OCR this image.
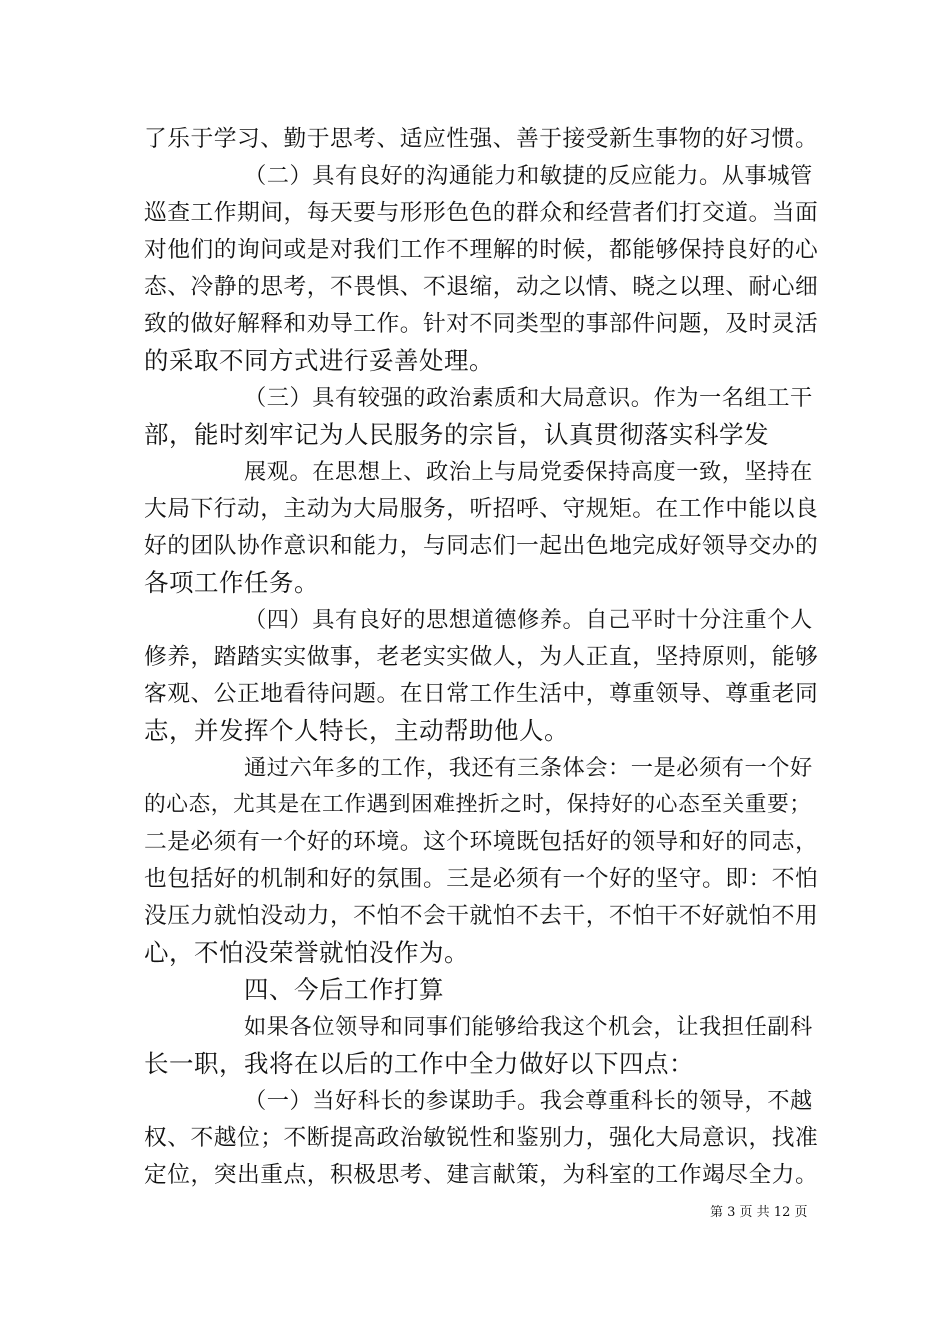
了乐于学习、勤于思考、适应性强、善于接受新生事物的好习惯。

（二）具有良好的沟通能力和敏捷的反应能力。从事城管

巡查工作期间，每天要与形形色色的群众和经营者们打交道。当面

对他们的询问或是对我们工作不理解的时候，都能够保持良好的心

态、冷静的思考，不畏惧、不退缩，动之以情、晓之以理、耐心细

致的做好解释和劝导工作。针对不同类型的事部件问题，及时灵活

的采取不同方式进行妥善处理。

（三）具有较强的政治素质和大局意识。作为一名组工干

部，能时刻牢记为人民服务的宗旨，认真贯彻落实科学发

展观。在思想上、政治上与局党委保持高度一致，坚持在

大局下行动，主动为大局服务，听招呼、守规矩。在工作中能以良

好的团队协作意识和能力，与同志们一起出色地完成好领导交办的

各项工作任务。

（四）具有良好的思想道德修养。自己平时十分注重个人

修养，踏踏实实做事，老老实实做人，为人正直，坚持原则，能够

客观、公正地看待问题。在日常工作生活中，尊重领导、尊重老同

志，并发挥个人特长，主动帮助他人。

通过六年多的工作，我还有三条体会：一是必须有一个好

的心态，尤其是在工作遇到困难挫折之时，保持好的心态至关重要；

二是必须有一个好的环境。这个环境既包括好的领导和好的同志，

也包括好的机制和好的氛围。三是必须有一个好的坚守。即：不怕

没压力就怕没动力，不怕不会干就怕不去干，不怕干不好就怕不用

心，不怕没荣誉就怕没作为。

四、今后工作打算

如果各位领导和同事们能够给我这个机会，让我担任副科

长一职，我将在以后的工作中全力做好以下四点：

（一）当好科长的参谋助手。我会尊重科长的领导，不越

权、不越位；不断提高政治敏锐性和鉴别力，强化大局意识，找准

定位，突出重点，积极思考、建言献策，为科室的工作竭尽全力。

第 3 页 共 12 页
